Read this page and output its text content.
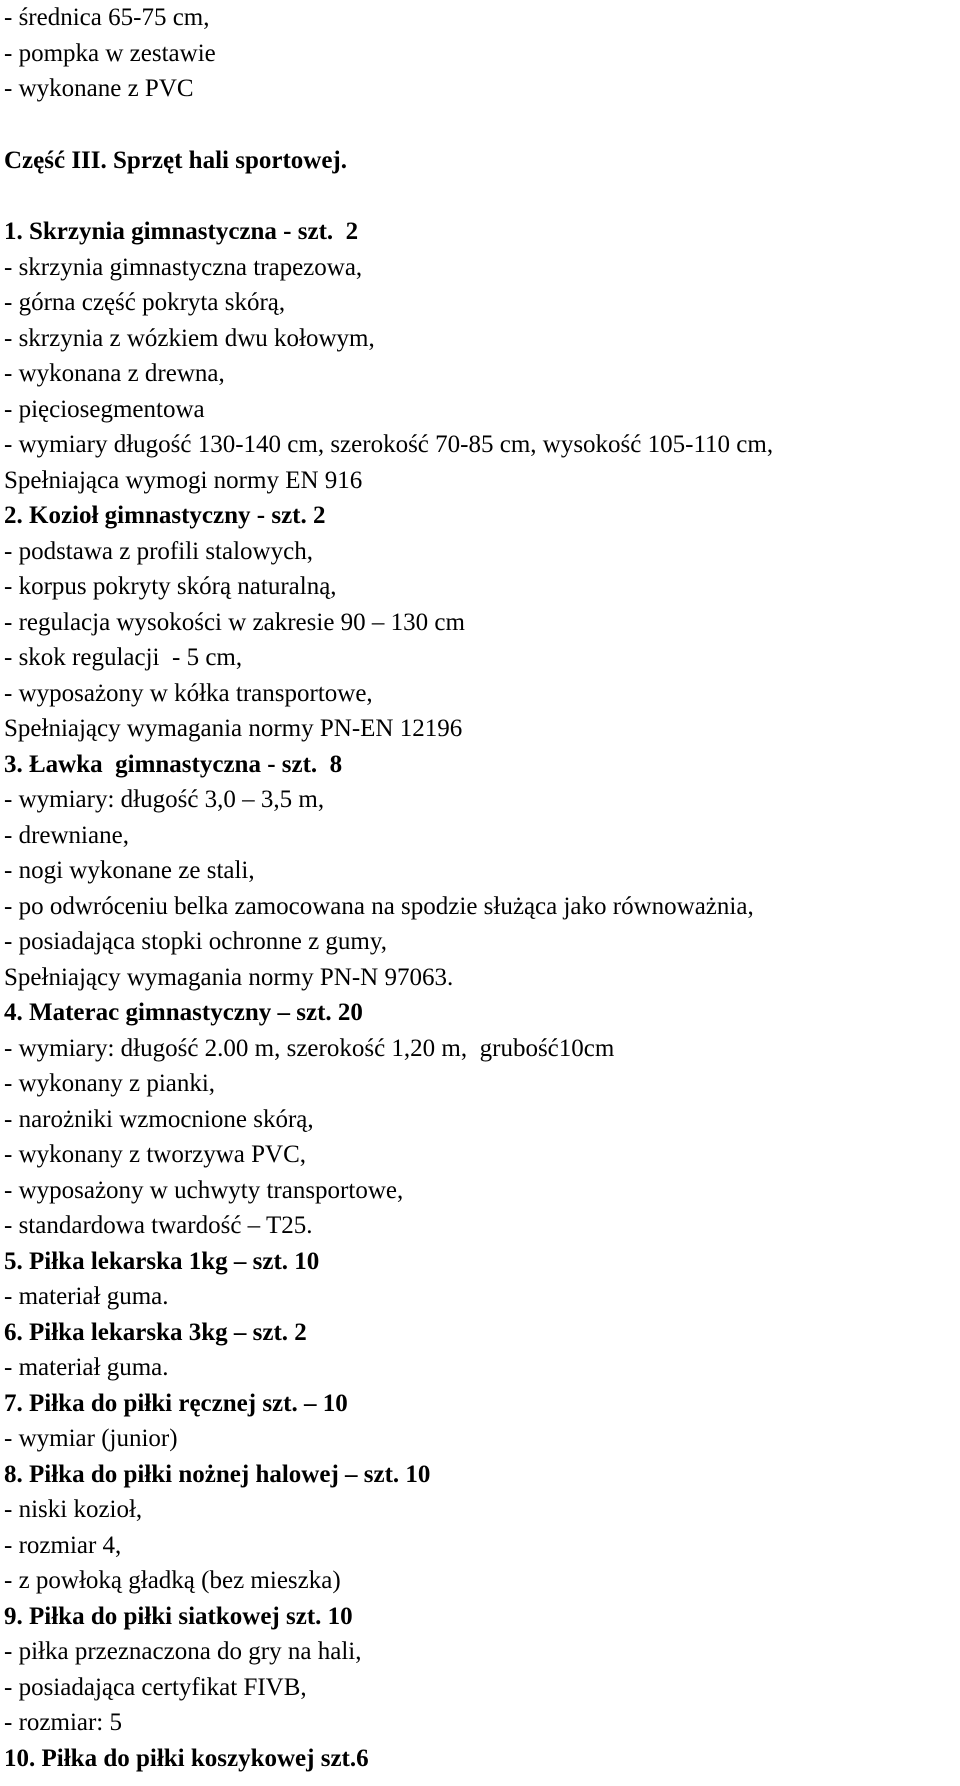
- średnica 65-75 cm,
- pompka w zestawie
- wykonane z PVC
Część III. Sprzęt hali sportowej.
1. Skrzynia gimnastyczna - szt.  2
- skrzynia gimnastyczna trapezowa,
- górna część pokryta skórą,
- skrzynia z wózkiem dwu kołowym,
- wykonana z drewna,
- pięciosegmentowa
- wymiary długość 130-140 cm, szerokość 70-85 cm, wysokość 105-110 cm,
Spełniająca wymogi normy EN 916
2. Kozioł gimnastyczny - szt. 2
- podstawa z profili stalowych,
- korpus pokryty skórą naturalną,
- regulacja wysokości w zakresie 90 – 130 cm
- skok regulacji  - 5 cm,
- wyposażony w kółka transportowe,
Spełniający wymagania normy PN-EN 12196
3. Ławka  gimnastyczna - szt.  8
- wymiary: długość 3,0 – 3,5 m,
- drewniane,
- nogi wykonane ze stali,
- po odwróceniu belka zamocowana na spodzie służąca jako równoważnia,
- posiadająca stopki ochronne z gumy,
Spełniający wymagania normy PN-N 97063.
4. Materac gimnastyczny – szt. 20
- wymiary: długość 2.00 m, szerokość 1,20 m,  grubość10cm
- wykonany z pianki,
- narożniki wzmocnione skórą,
- wykonany z tworzywa PVC,
- wyposażony w uchwyty transportowe,
- standardowa twardość – T25.
5. Piłka lekarska 1kg – szt. 10
- materiał guma.
6. Piłka lekarska 3kg – szt. 2
- materiał guma.
7. Piłka do piłki ręcznej szt. – 10
- wymiar (junior)
8. Piłka do piłki nożnej halowej – szt. 10
- niski kozioł,
- rozmiar 4,
- z powłoką gładką (bez mieszka)
9. Piłka do piłki siatkowej szt. 10
- piłka przeznaczona do gry na hali,
- posiadająca certyfikat FIVB,
- rozmiar: 5
10. Piłka do piłki koszykowej szt.6
